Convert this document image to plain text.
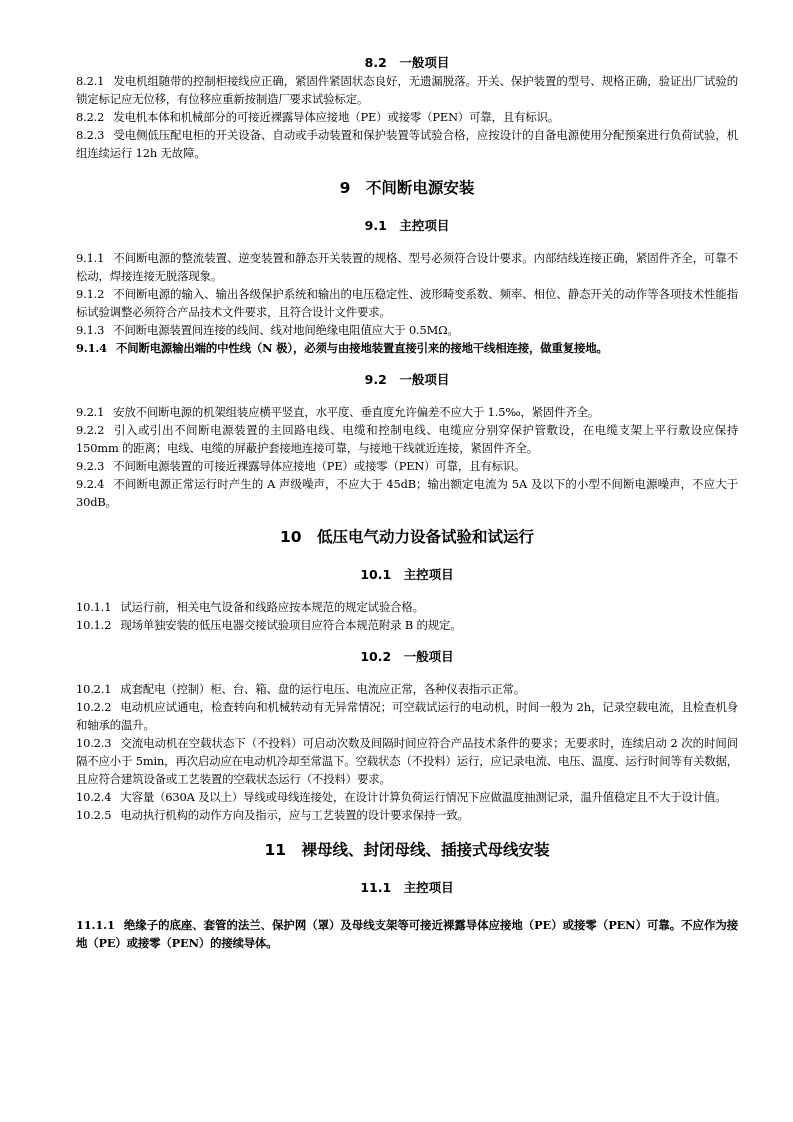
8.2　一般项目

8.2.1 发电机组随带的控制柜接线应正确，紧固件紧固状态良好，无遗漏脱落。开关、保护装置的型号、规格正确，验证出厂试验的锁定标记应无位移，有位移应重新按制造厂要求试验标定。

8.2.2 发电机本体和机械部分的可接近裸露导体应接地（PE）或接零（PEN）可靠，且有标识。

8.2.3 受电侧低压配电柜的开关设备、自动或手动装置和保护装置等试验合格，应按设计的自备电源使用分配预案进行负荷试验，机组连续运行 12h 无故障。

9　不间断电源安装

9.1　主控项目

9.1.1 不间断电源的整流装置、逆变装置和静态开关装置的规格、型号必须符合设计要求。内部结线连接正确，紧固件齐全，可靠不松动，焊接连接无脱落现象。

9.1.2 不间断电源的输入、输出各级保护系统和输出的电压稳定性、波形畸变系数、频率、相位、静态开关的动作等各项技术性能指标试验调整必须符合产品技术文件要求，且符合设计文件要求。

9.1.3 不间断电源装置间连接的线间、线对地间绝缘电阻值应大于 0.5MΩ。

9.1.4 不间断电源输出端的中性线（N 极），必须与由接地装置直接引来的接地干线相连接，做重复接地。

9.2　一般项目

9.2.1 安放不间断电源的机架组装应横平竖直，水平度、垂直度允许偏差不应大于 1.5‰，紧固件齐全。

9.2.2 引入或引出不间断电源装置的主回路电线、电缆和控制电线、电缆应分别穿保护管敷设，在电缆支架上平行敷设应保持 150mm 的距离；电线、电缆的屏蔽护套接地连接可靠，与接地干线就近连接，紧固件齐全。

9.2.3 不间断电源装置的可接近裸露导体应接地（PE）或接零（PEN）可靠，且有标识。

9.2.4 不间断电源正常运行时产生的 A 声级噪声，不应大于 45dB；输出额定电流为 5A 及以下的小型不间断电源噪声，不应大于 30dB。

10　低压电气动力设备试验和试运行

10.1　主控项目

10.1.1 试运行前，相关电气设备和线路应按本规范的规定试验合格。

10.1.2 现场单独安装的低压电器交接试验项目应符合本规范附录 B 的规定。

10.2　一般项目

10.2.1 成套配电（控制）柜、台、箱、盘的运行电压、电流应正常，各种仪表指示正常。

10.2.2 电动机应试通电，检查转向和机械转动有无异常情况；可空载试运行的电动机，时间一般为 2h，记录空载电流，且检查机身和轴承的温升。

10.2.3 交流电动机在空载状态下（不投料）可启动次数及间隔时间应符合产品技术条件的要求；无要求时，连续启动 2 次的时间间隔不应小于 5min，再次启动应在电动机冷却至常温下。空载状态（不投料）运行，应记录电流、电压、温度、运行时间等有关数据，且应符合建筑设备或工艺装置的空载状态运行（不投料）要求。

10.2.4 大容量（630A 及以上）导线或母线连接处，在设计计算负荷运行情况下应做温度抽测记录，温升值稳定且不大于设计值。

10.2.5 电动执行机构的动作方向及指示，应与工艺装置的设计要求保持一致。

11　裸母线、封闭母线、插接式母线安装

11.1　主控项目

11.1.1 绝缘子的底座、套管的法兰、保护网（罩）及母线支架等可接近裸露导体应接地（PE）或接零（PEN）可靠。不应作为接地（PE）或接零（PEN）的接续导体。
